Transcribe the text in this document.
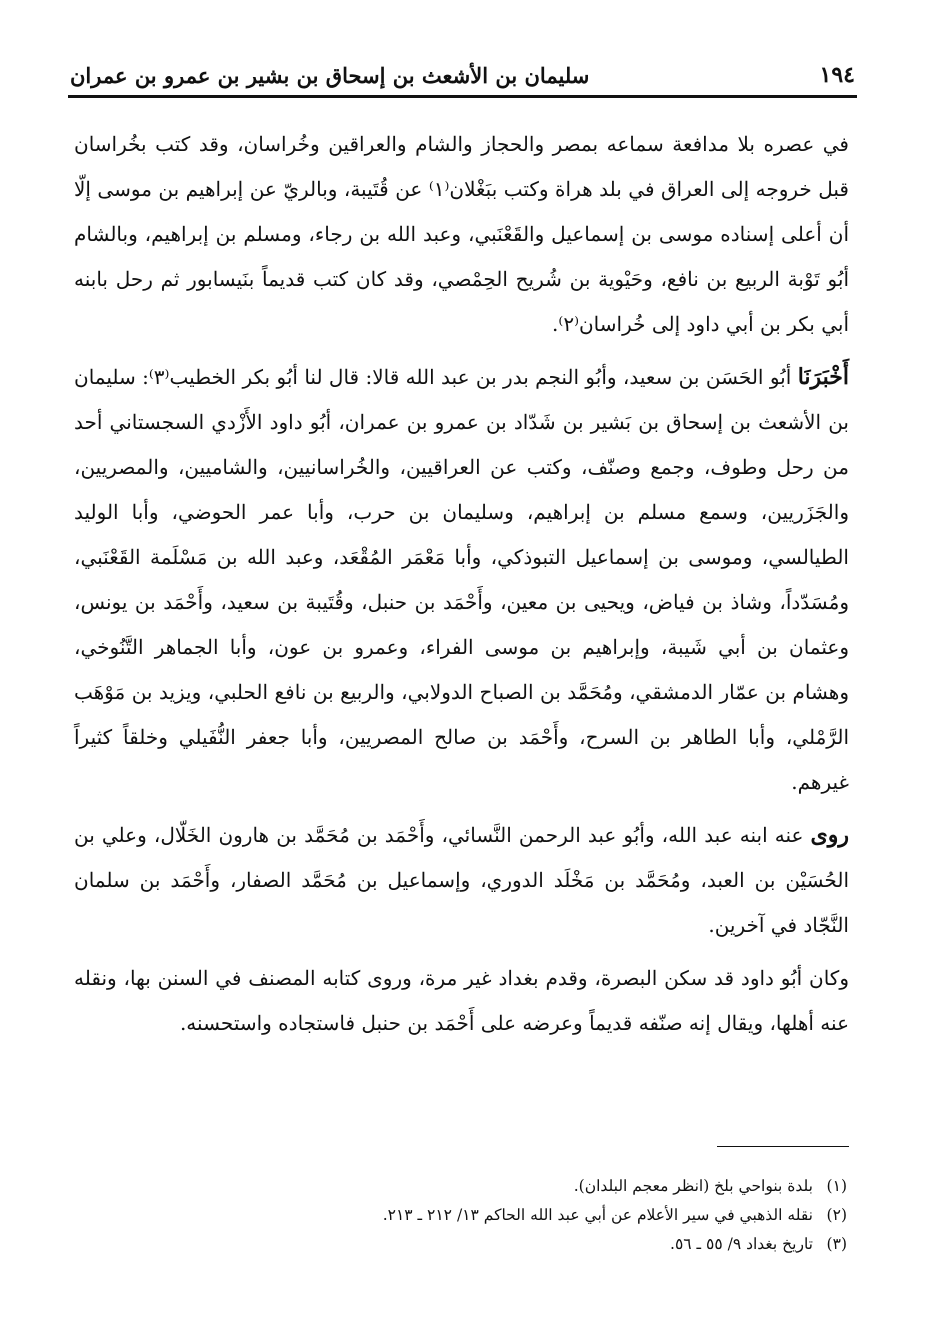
١٩٤
سليمان بن الأشعث بن إسحاق بن بشير بن عمرو بن عمران

في عصره بلا مدافعة سماعه بمصر والحجاز والشام والعراقين وخُراسان، وقد كتب بخُراسان قبل خروجه إلى العراق في بلد هراة وكتب ببَغْلان⁽١⁾ عن قُتَيبة، وبالريّ عن إبراهيم بن موسى إلّا أن أعلى إسناده موسى بن إسماعيل والقَعْنَبي، وعبد الله بن رجاء، ومسلم بن إبراهيم، وبالشام أبُو تَوْبة الربيع بن نافع، وحَيْوية بن شُريح الحِمْصي، وقد كان كتب قديماً بنَيسابور ثم رحل بابنه أبي بكر بن أبي داود إلى خُراسان⁽٢⁾.

أَخْبَرَنَا أبُو الحَسَن بن سعيد، وأبُو النجم بدر بن عبد الله قالا: قال لنا أبُو بكر الخطيب⁽٣⁾: سليمان بن الأشعث بن إسحاق بن بَشير بن شَدّاد بن عمرو بن عمران، أبُو داود الأَزْدي السجستاني أحد من رحل وطوف، وجمع وصنّف، وكتب عن العراقيين، والخُراسانيين، والشاميين، والمصريين، والجَزَريين، وسمع مسلم بن إبراهيم، وسليمان بن حرب، وأبا عمر الحوضي، وأبا الوليد الطيالسي، وموسى بن إسماعيل التبوذكي، وأبا مَعْمَر المُقْعَد، وعبد الله بن مَسْلَمة القَعْنَبي، ومُسَدّداً، وشاذ بن فياض، ويحيى بن معين، وأَحْمَد بن حنبل، وقُتَيبة بن سعيد، وأَحْمَد بن يونس، وعثمان بن أبي شَيبة، وإبراهيم بن موسى الفراء، وعمرو بن عون، وأبا الجماهر التَّنُوخي، وهشام بن عمّار الدمشقي، ومُحَمَّد بن الصباح الدولابي، والربيع بن نافع الحلبي، ويزيد بن مَوْهَب الرَّمْلي، وأبا الطاهر بن السرح، وأَحْمَد بن صالح المصريين، وأبا جعفر النُّفَيلي وخلقاً كثيراً غيرهم.

روى عنه ابنه عبد الله، وأبُو عبد الرحمن النَّسائي، وأَحْمَد بن مُحَمَّد بن هارون الخَلّال، وعلي بن الحُسَيْن بن العبد، ومُحَمَّد بن مَخْلَد الدوري، وإسماعيل بن مُحَمَّد الصفار، وأَحْمَد بن سلمان النَّجّاد في آخرين.

وكان أبُو داود قد سكن البصرة، وقدم بغداد غير مرة، وروى كتابه المصنف في السنن بها، ونقله عنه أهلها، ويقال إنه صنّفه قديماً وعرضه على أَحْمَد بن حنبل فاستجاده واستحسنه.

(١)بلدة بنواحي بلخ (انظر معجم البلدان).

(٢)نقله الذهبي في سير الأعلام عن أبي عبد الله الحاكم ١٣/ ٢١٢ ـ ٢١٣.

(٣)تاريخ بغداد ٩/ ٥٥ ـ ٥٦.
